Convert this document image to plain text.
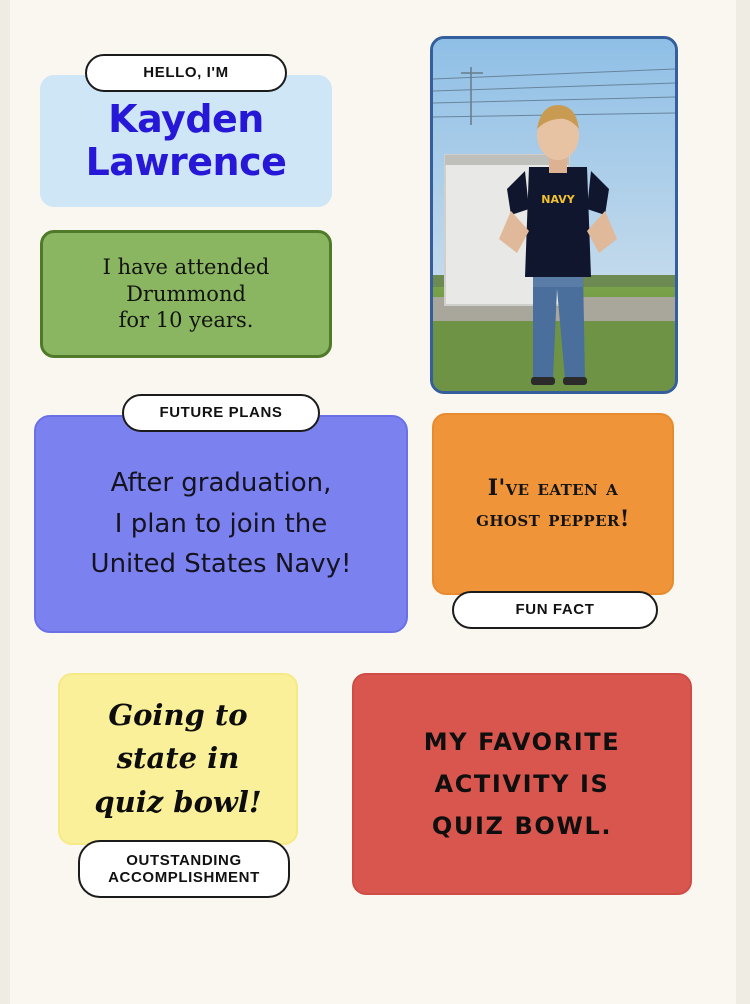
HELLO, I'M
Kayden
Lawrence
I have attended
Drummond
for 10 years.
NAVY
FUTURE PLANS
After graduation,
I plan to join the
United States Navy!
I've eaten a
ghost pepper!
FUN FACT
Going to
state in
quiz bowl!
OUTSTANDING
ACCOMPLISHMENT
MY FAVORITE
ACTIVITY IS
QUIZ BOWL.
